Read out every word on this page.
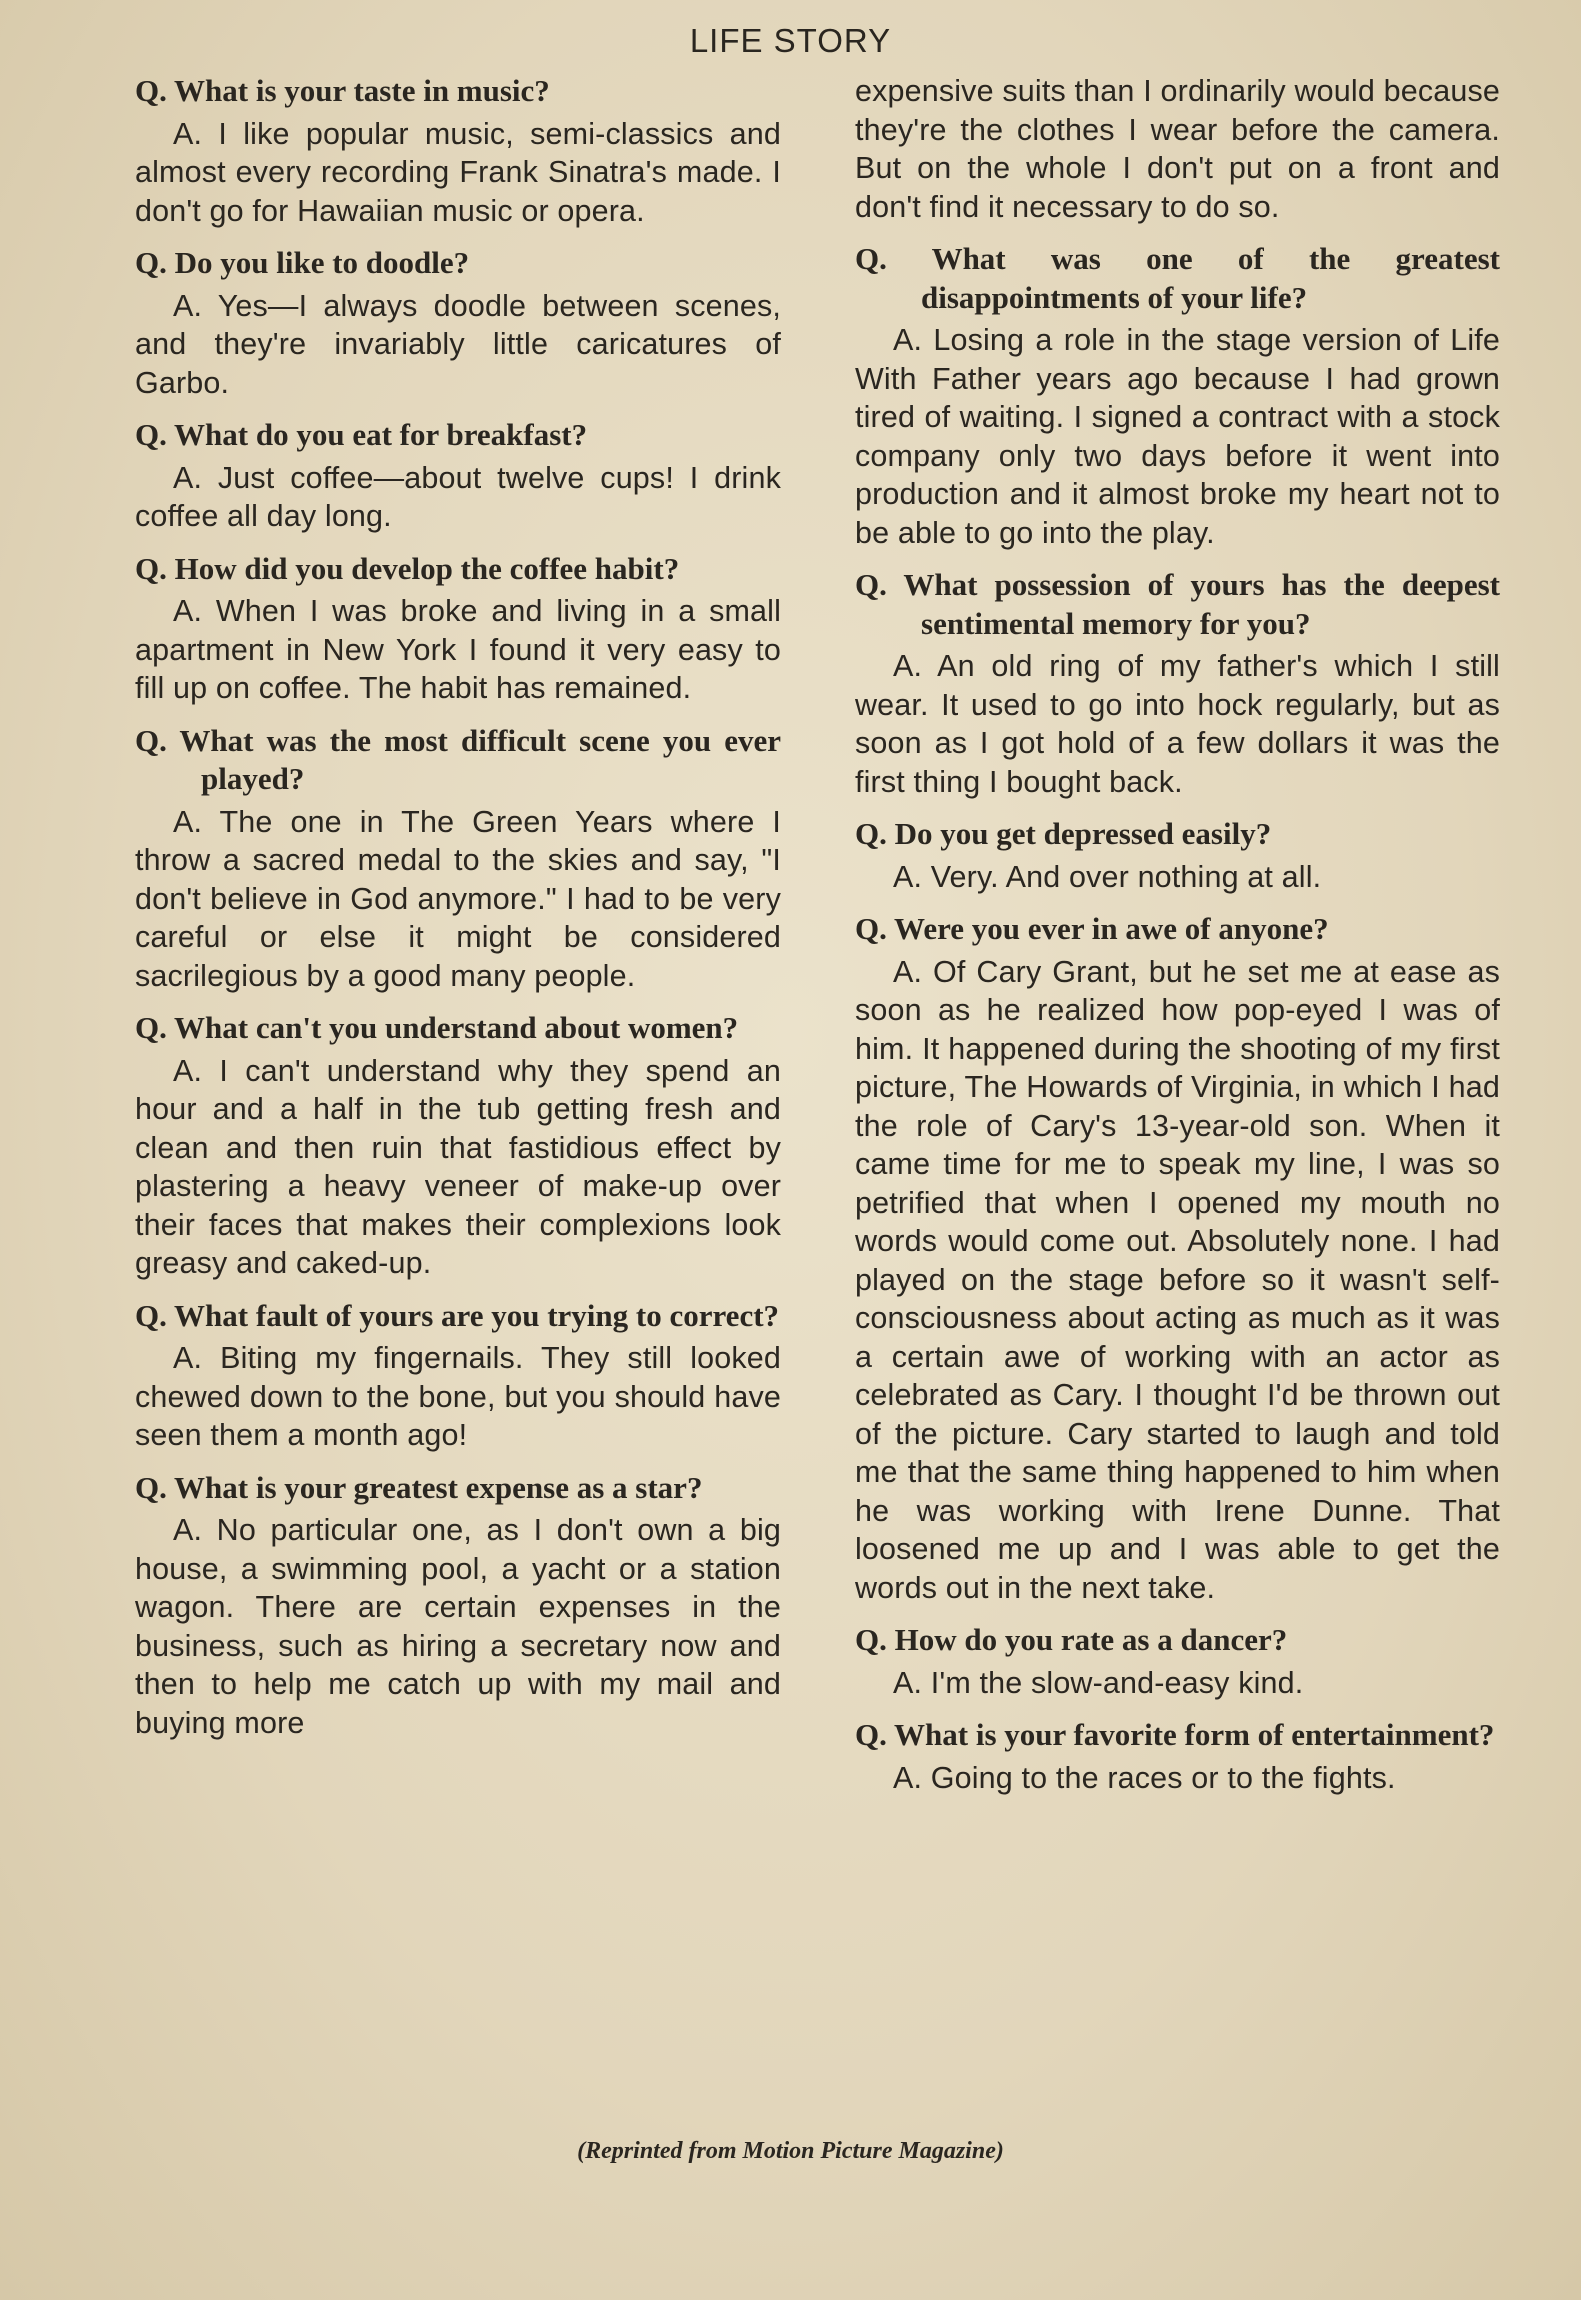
LIFE STORY

Q. What is your taste in music?

A. I like popular music, semi-classics and almost every recording Frank Sinatra's made. I don't go for Hawaiian music or opera.

Q. Do you like to doodle?

A. Yes—I always doodle between scenes, and they're invariably little caricatures of Garbo.

Q. What do you eat for breakfast?

A. Just coffee—about twelve cups! I drink coffee all day long.

Q. How did you develop the coffee habit?

A. When I was broke and living in a small apartment in New York I found it very easy to fill up on coffee. The habit has remained.

Q. What was the most difficult scene you ever played?

A. The one in The Green Years where I throw a sacred medal to the skies and say, "I don't believe in God anymore." I had to be very careful or else it might be considered sacrilegious by a good many people.

Q. What can't you understand about women?

A. I can't understand why they spend an hour and a half in the tub getting fresh and clean and then ruin that fastidious effect by plastering a heavy veneer of make-up over their faces that makes their complexions look greasy and caked-up.

Q. What fault of yours are you trying to correct?

A. Biting my fingernails. They still looked chewed down to the bone, but you should have seen them a month ago!

Q. What is your greatest expense as a star?

A. No particular one, as I don't own a big house, a swimming pool, a yacht or a station wagon. There are certain expenses in the business, such as hiring a secretary now and then to help me catch up with my mail and buying more

expensive suits than I ordinarily would because they're the clothes I wear before the camera. But on the whole I don't put on a front and don't find it necessary to do so.

Q. What was one of the greatest disappointments of your life?

A. Losing a role in the stage version of Life With Father years ago because I had grown tired of waiting. I signed a contract with a stock company only two days before it went into production and it almost broke my heart not to be able to go into the play.

Q. What possession of yours has the deepest sentimental memory for you?

A. An old ring of my father's which I still wear. It used to go into hock regularly, but as soon as I got hold of a few dollars it was the first thing I bought back.

Q. Do you get depressed easily?

A. Very. And over nothing at all.

Q. Were you ever in awe of anyone?

A. Of Cary Grant, but he set me at ease as soon as he realized how pop-eyed I was of him. It happened during the shooting of my first picture, The Howards of Virginia, in which I had the role of Cary's 13-year-old son. When it came time for me to speak my line, I was so petrified that when I opened my mouth no words would come out. Absolutely none. I had played on the stage before so it wasn't self-consciousness about acting as much as it was a certain awe of working with an actor as celebrated as Cary. I thought I'd be thrown out of the picture. Cary started to laugh and told me that the same thing happened to him when he was working with Irene Dunne. That loosened me up and I was able to get the words out in the next take.

Q. How do you rate as a dancer?

A. I'm the slow-and-easy kind.

Q. What is your favorite form of entertainment?

A. Going to the races or to the fights.

(Reprinted from Motion Picture Magazine)
